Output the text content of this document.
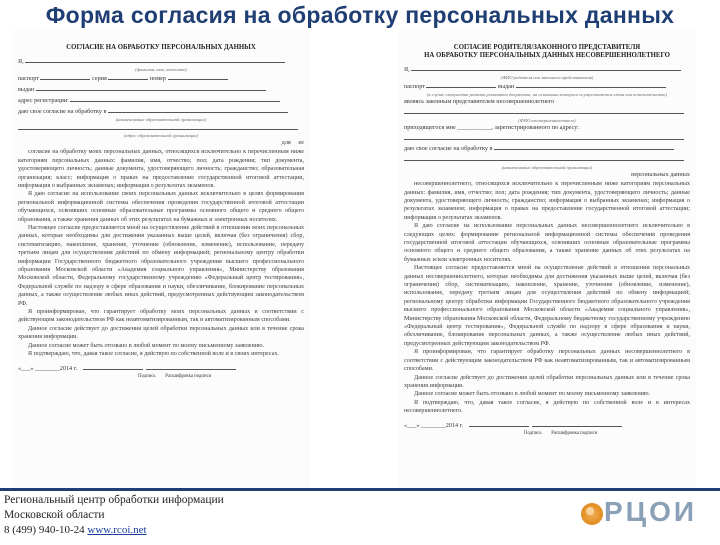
Форма согласия на обработку персональных данных
СОГЛАСИЕ НА ОБРАБОТКУ ПЕРСОНАЛЬНЫХ ДАННЫХ
Я,
(фамилия, имя, отчество)
паспорт	серия	номер
выдан
адрес регистрации:
даю свое согласие на обработку в
(наименование образовательной организации)
(адрес образовательной организации)
для ее
согласие на обработку моих персональных данных, относящихся исключительно к перечисленным ниже категориям персональных данных: фамилия, имя, отчество; пол; дата рождения; тип документа, удостоверяющего личность; данные документа, удостоверяющего личность; гражданство; образовательная организация; класс; информация о правах на предоставление государственной итоговой аттестации, информация о выбранных экзаменах; информация о результатах экзаменов.
Я даю согласие на использование своих персональных данных исключительно в целях формирования региональной информационной системы обеспечения проведения государственной итоговой аттестации обучающихся, освоивших основные образовательные программы основного общего и среднего общего образования, а также хранения данных об этих результатах на бумажных и электронных носителях.
Настоящее согласие предоставляется мной на осуществление действий в отношении моих персональных данных, которые необходимы для достижения указанных выше целей, включая (без ограничения) сбор, систематизацию, накопление, хранение, уточнение (обновление, изменение), использование, передачу третьим лицам для осуществления действий по обмену информацией; региональному центру обработки информации Государственного бюджетного образовательного учреждения высшего профессионального образования Московской области «Академия социального управления», Министерству образования Московской области, Федеральному государственному учреждению «Федеральный центр тестирования», Федеральной службе по надзору в сфере образования и науки, обезличивание, блокирование персональных данных, а также осуществление любых иных действий, предусмотренных действующим законодательством РФ.
Я проинформирован, что гарантирует обработку моих персональных данных в соответствии с действующим законодательством РФ как неавтоматизированным, так и автоматизированным способами.
Данное согласие действует до достижения целей обработки персональных данных или в течение срока хранения информации.
Данное согласие может быть отозвано в любой момент по моему письменному заявлению.
Я подтверждаю, что, давая такое согласие, я действую по собственной воле и в своих интересах.
«___» ________2014 г.
Подпись Расшифровка подписи
СОГЛАСИЕ РОДИТЕЛЯ/ЗАКОННОГО ПРЕДСТАВИТЕЛЯ
НА ОБРАБОТКУ ПЕРСОНАЛЬНЫХ ДАННЫХ НЕСОВЕРШЕННОЛЕТНЕГО
Я,
(ФИО родителя или законного представителя)
паспорт	выдан
(в случае опекунства указать реквизиты документа, на основании которого осуществляется опека или попечительство)
являясь законным представителем несовершеннолетнего
(ФИО несовершеннолетнего)
приходящегося мне ___________, зарегистрированного по адресу:
даю свое согласие на обработку в
(наименование образовательной организации)
персональных данных
несовершеннолетнего, относящихся исключительно к перечисленным ниже категориям персональных данных: фамилия, имя, отчество; пол; дата рождения; тип документа, удостоверяющего личность; данные документа, удостоверяющего личность; гражданство; информация о выбранных экзаменах; информация о результатах экзаменов; информация о правах на предоставление государственной итоговой аттестации; информация о результатах экзаменов.
Я даю согласие на использование персональных данных несовершеннолетнего исключительно в следующих целях: формирование региональной информационной системы обеспечения проведения государственной итоговой аттестации обучающихся, освоивших основные образовательные программы основного общего и среднего общего образования, а также хранение данных об этих результатах на бумажных и/или электронных носителях.
Настоящее согласие предоставляется мной на осуществление действий в отношении персональных данных несовершеннолетнего, которые необходимы для достижения указанных выше целей, включая (без ограничения) сбор, систематизацию, накопление, хранение, уточнение (обновление, изменение), использование, передачу третьим лицам для осуществления действий по обмену информацией; региональному центру обработки информации Государственного бюджетного образовательного учреждения высшего профессионального образования Московской области «Академия социального управления», Министерству образования Московской области, Федеральному бюджетному государственному учреждению «Федеральный центр тестирования», Федеральной службе по надзору в сфере образования и науки, обезличивание, блокирование персональных данных, а также осуществление любых иных действий, предусмотренных действующим законодательством РФ.
Я проинформирован, что гарантирует обработку персональных данных несовершеннолетнего в соответствии с действующим законодательством РФ как неавтоматизированным, так и автоматизированным способами.
Данное согласие действует до достижения целей обработки персональных данных или в течение срока хранения информации.
Данное согласие может быть отозвано в любой момент по моему письменному заявлению.
Я подтверждаю, что, давая такое согласие, я действую по собственной воле и в интересах несовершеннолетнего.
«___» ________2014 г.
Подпись Расшифровка подписи
Региональный центр обработки информации
Московской области
8 (499) 940-10-24 www.rcoi.net
РЦОИ
